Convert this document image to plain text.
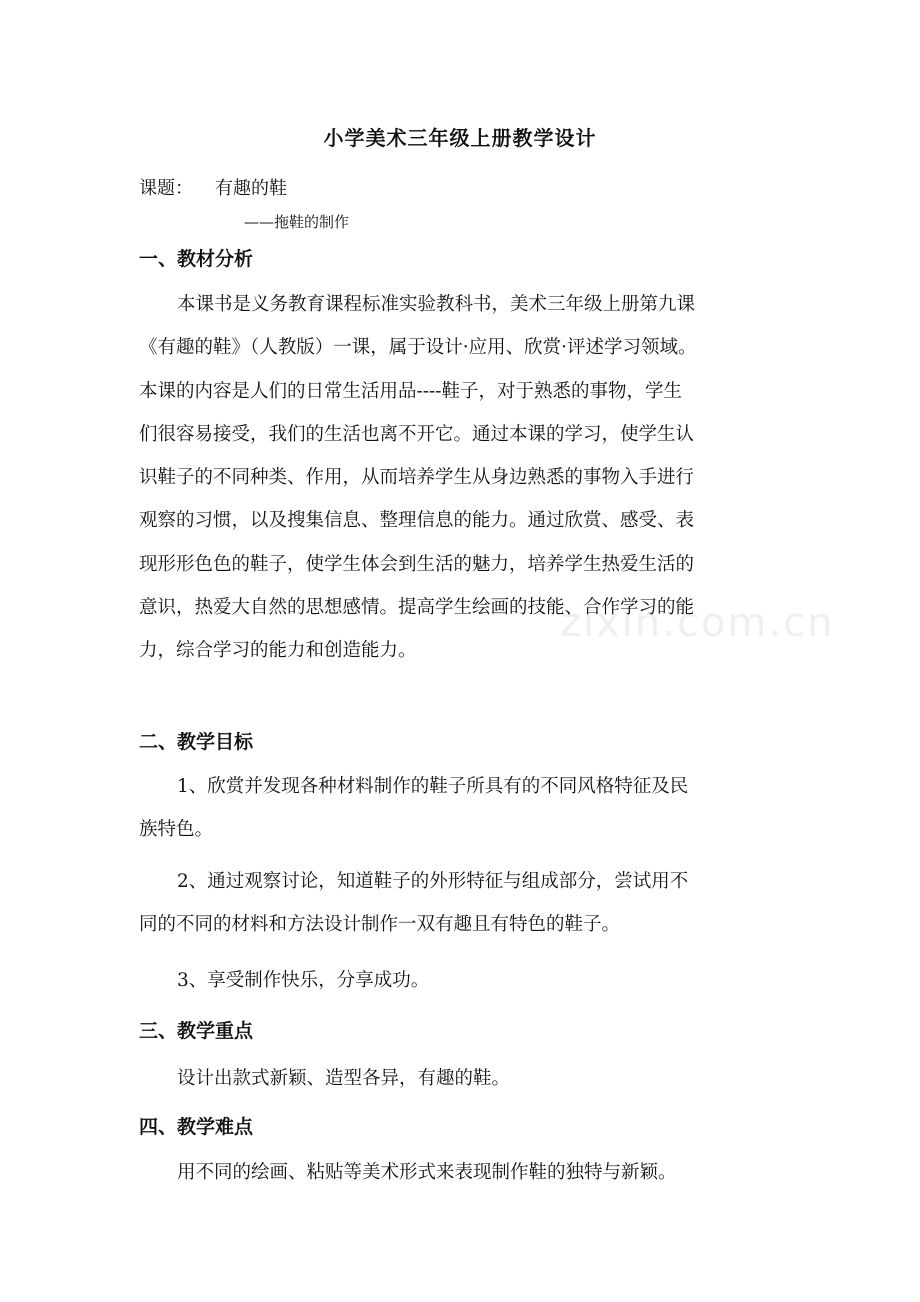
小学美术三年级上册教学设计
课题： 有趣的鞋
——拖鞋的制作
一、教材分析
本课书是义务教育课程标准实验教科书，美术三年级上册第九课
《有趣的鞋》（人教版）一课，属于设计·应用、欣赏·评述学习领域。
本课的内容是人们的日常生活用品----鞋子，对于熟悉的事物，学生
们很容易接受，我们的生活也离不开它。通过本课的学习，使学生认
识鞋子的不同种类、作用，从而培养学生从身边熟悉的事物入手进行
观察的习惯，以及搜集信息、整理信息的能力。通过欣赏、感受、表
现形形色色的鞋子，使学生体会到生活的魅力，培养学生热爱生活的
意识，热爱大自然的思想感情。提高学生绘画的技能、合作学习的能
力，综合学习的能力和创造能力。
二、教学目标
1、欣赏并发现各种材料制作的鞋子所具有的不同风格特征及民
族特色。
2、通过观察讨论，知道鞋子的外形特征与组成部分，尝试用不
同的不同的材料和方法设计制作一双有趣且有特色的鞋子。
3、享受制作快乐，分享成功。
三、教学重点
设计出款式新颖、造型各异，有趣的鞋。
四、教学难点
用不同的绘画、粘贴等美术形式来表现制作鞋的独特与新颖。
zixin.com.cn
